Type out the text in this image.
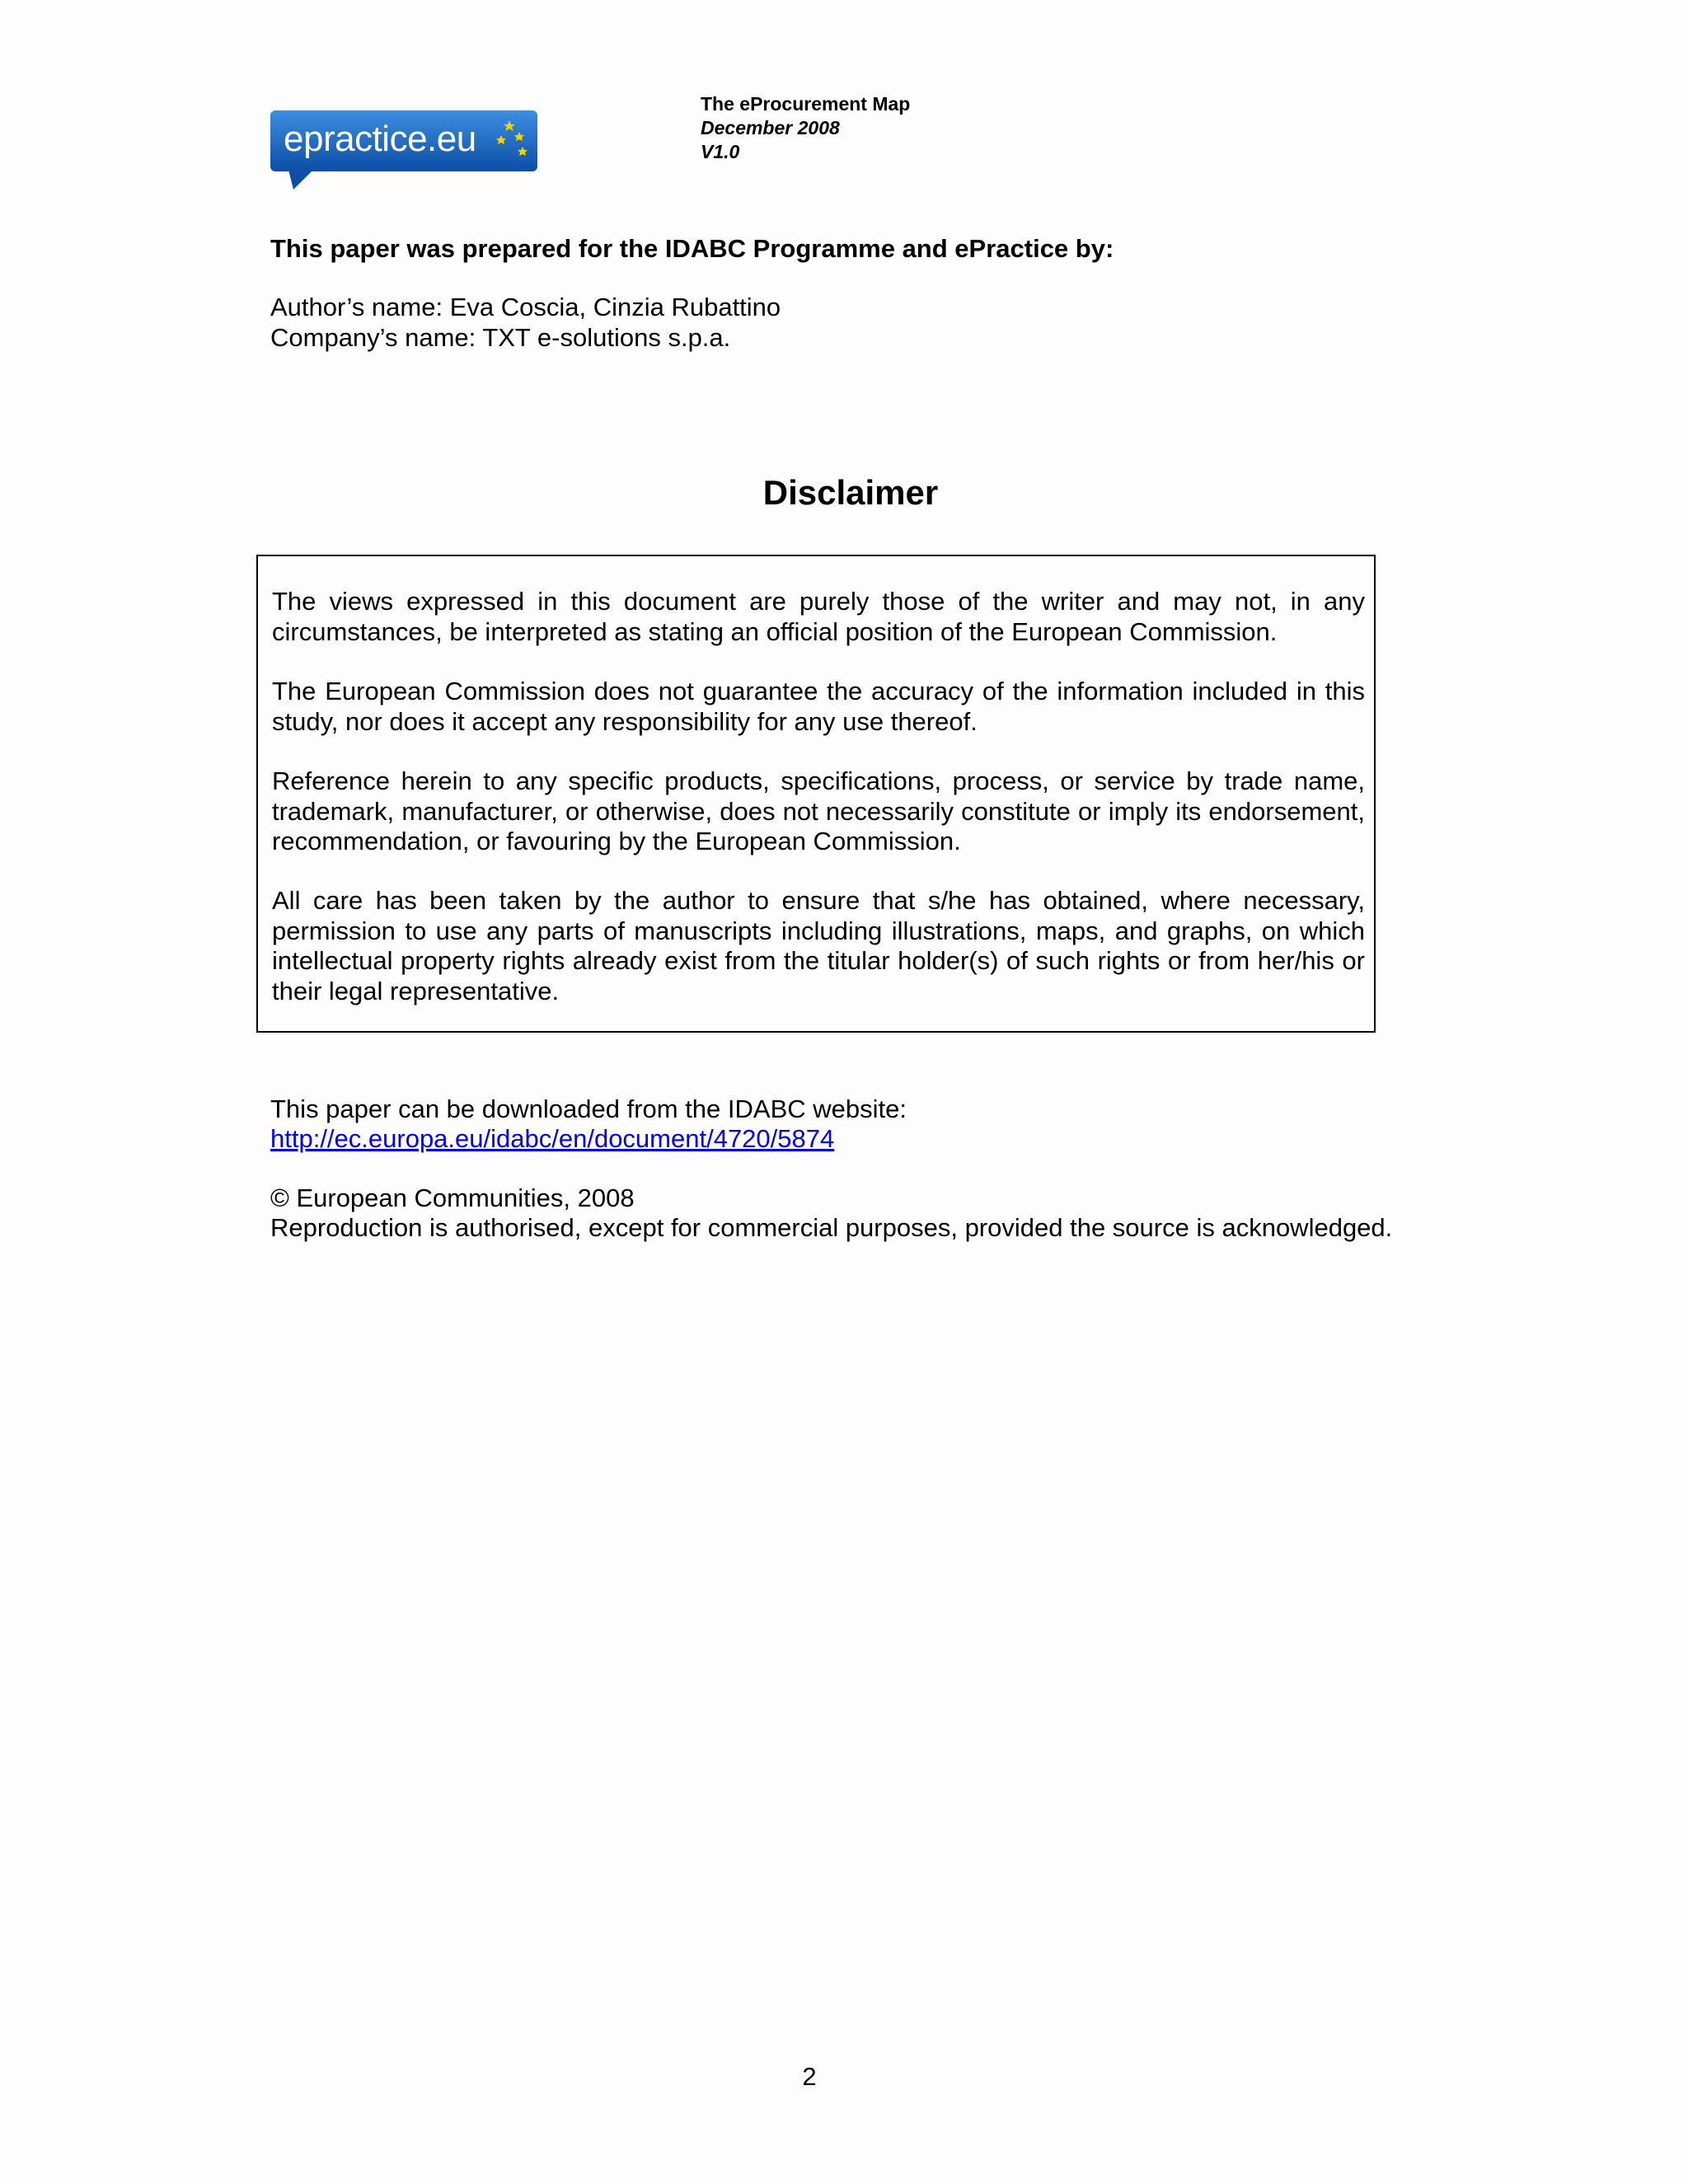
epractice.eu
The eProcurement Map
December 2008
V1.0
This paper was prepared for the IDABC Programme and ePractice by:
Author’s name: Eva Coscia, Cinzia Rubattino
Company’s name: TXT e-solutions s.p.a.
Disclaimer

The views expressed in this document are purely those of the writer and may not, in any circumstances, be interpreted as stating an official position of the European Commission.

The European Commission does not guarantee the accuracy of the information included in this study, nor does it accept any responsibility for any use thereof.

Reference herein to any specific products, specifications, process, or service by trade name, trademark, manufacturer, or otherwise, does not necessarily constitute or imply its endorsement, recommendation, or favouring by the European Commission.

All care has been taken by the author to ensure that s/he has obtained, where necessary, permission to use any parts of manuscripts including illustrations, maps, and graphs, on which intellectual property rights already exist from the titular holder(s) of such rights or from her/his or their legal representative.

This paper can be downloaded from the IDABC website:
http://ec.europa.eu/idabc/en/document/4720/5874
© European Communities, 2008
Reproduction is authorised, except for commercial purposes, provided the source is acknowledged.
2
